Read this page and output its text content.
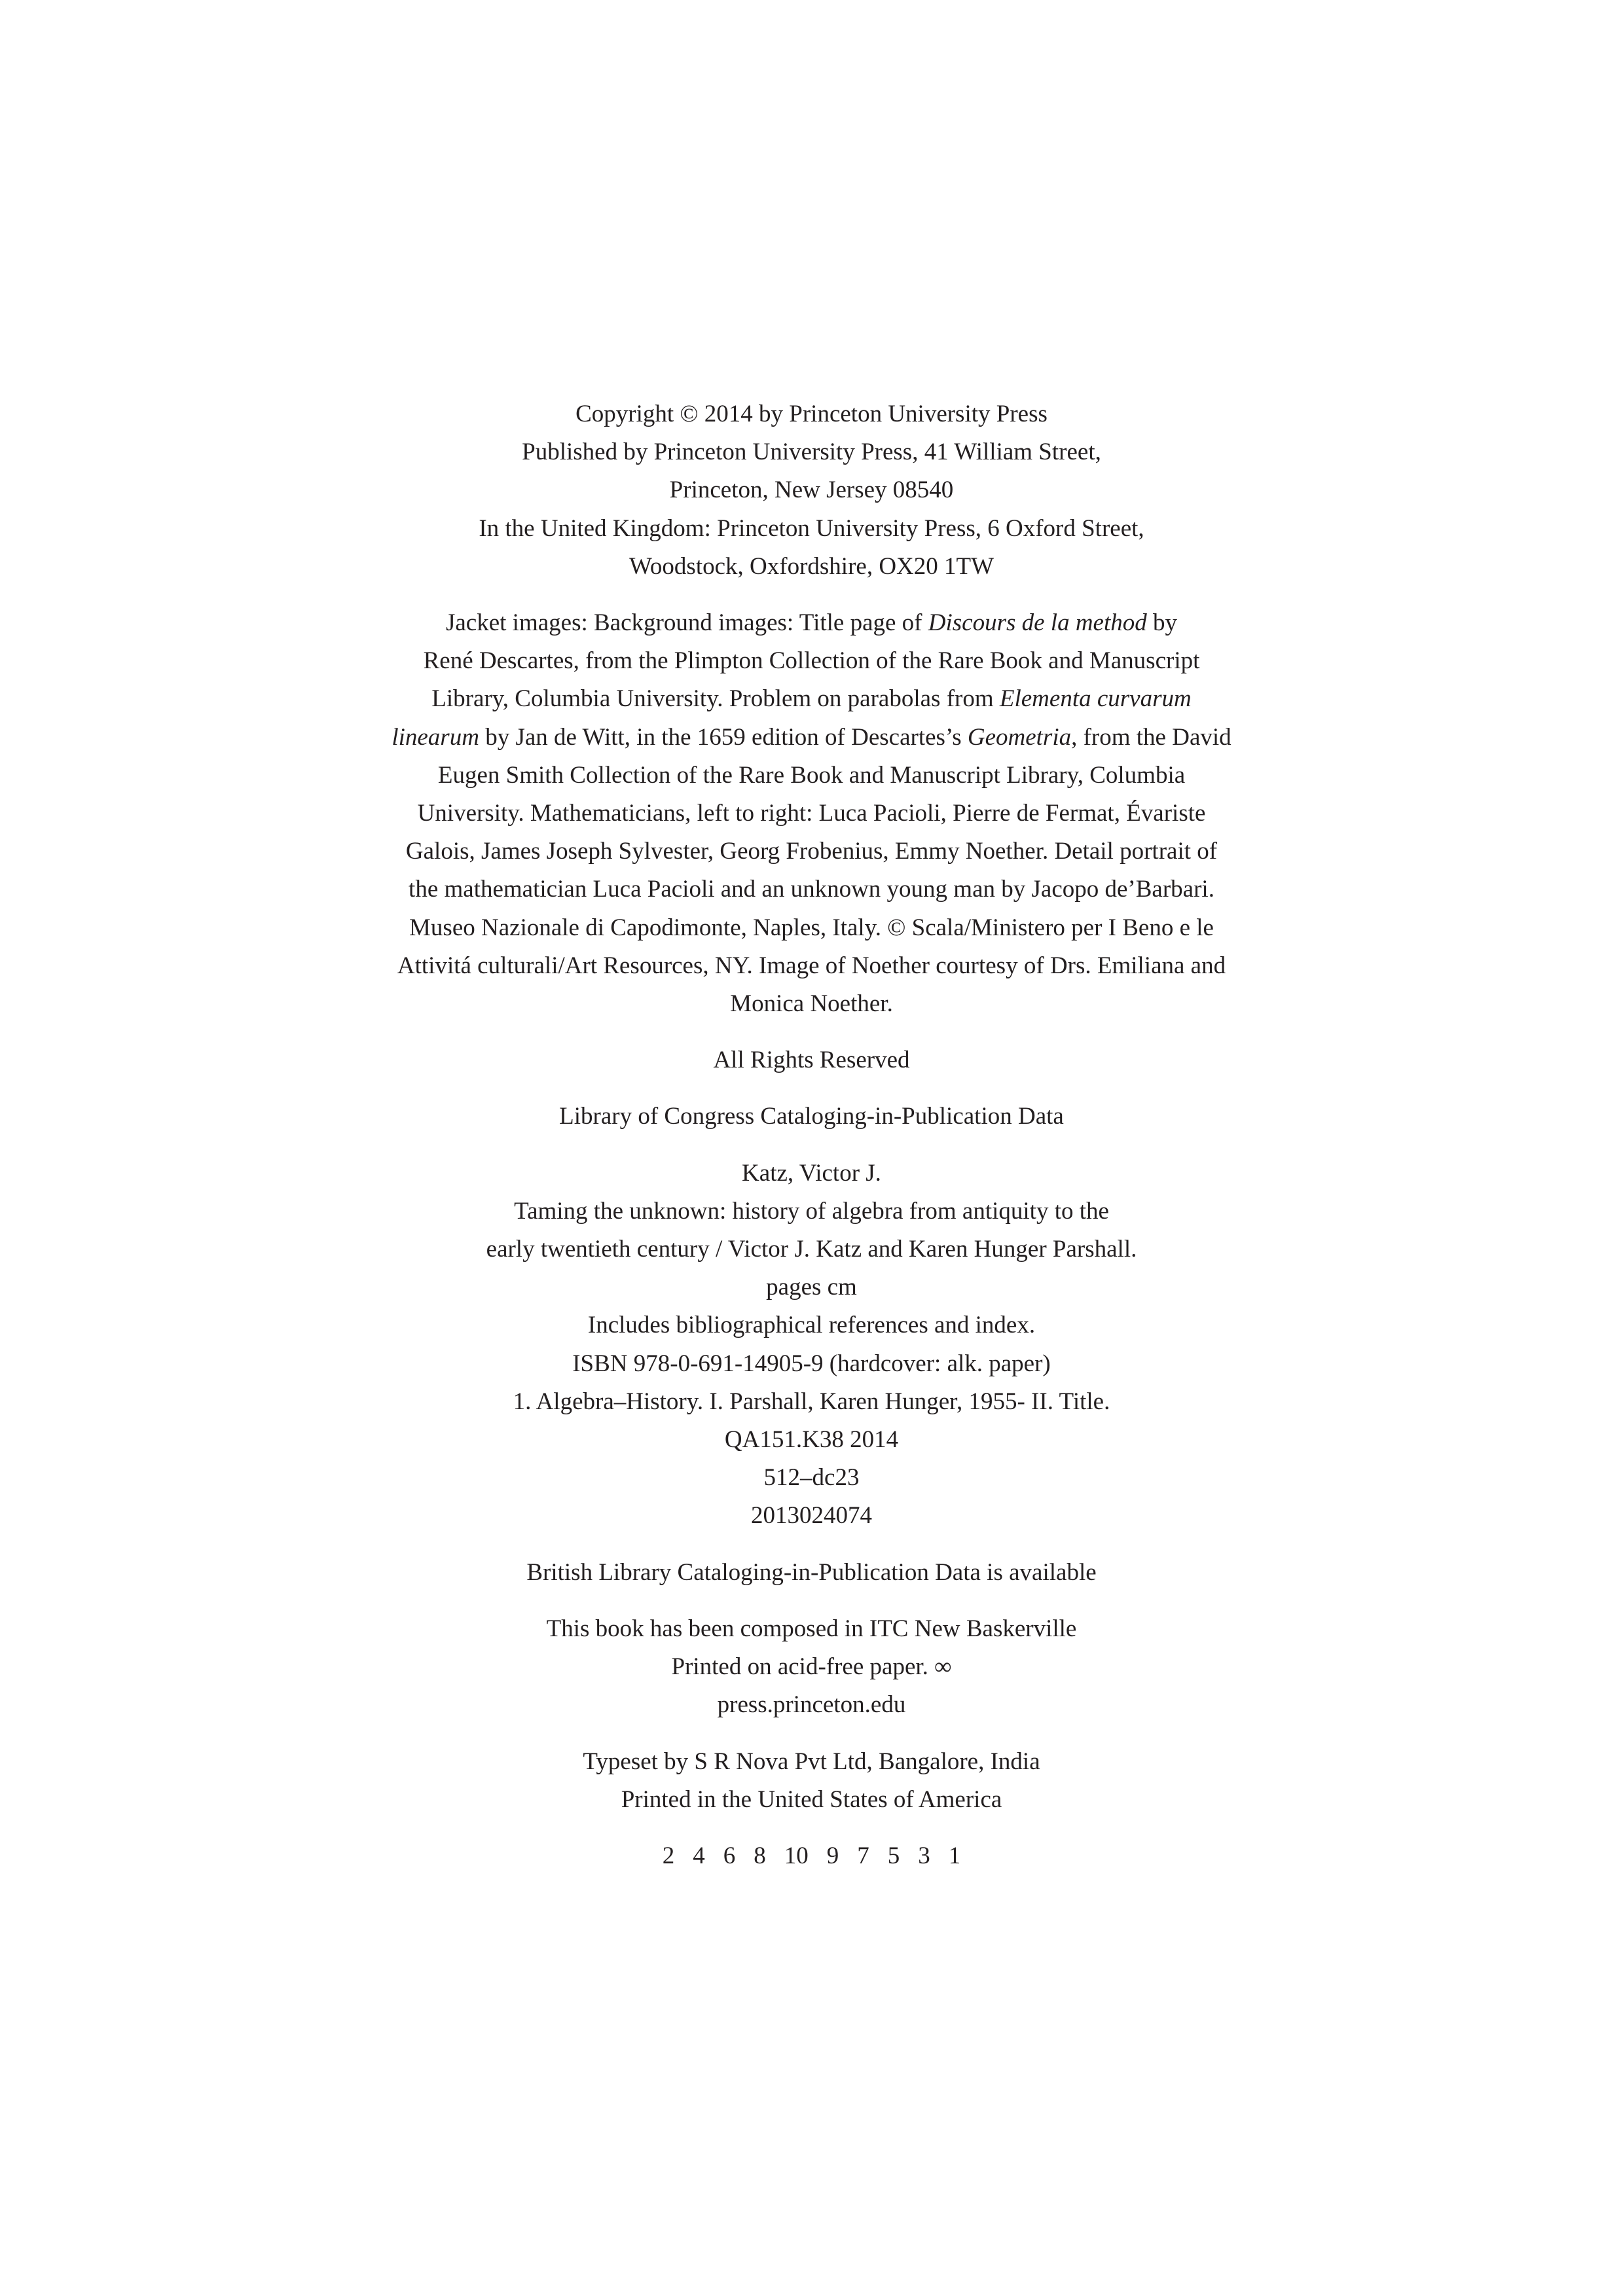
Copyright © 2014 by Princeton University Press
Published by Princeton University Press, 41 William Street,
Princeton, New Jersey 08540
In the United Kingdom: Princeton University Press, 6 Oxford Street,
Woodstock, Oxfordshire, OX20 1TW
Jacket images: Background images: Title page of Discours de la method by
René Descartes, from the Plimpton Collection of the Rare Book and Manuscript
Library, Columbia University. Problem on parabolas from Elementa curvarum
linearum by Jan de Witt, in the 1659 edition of Descartes’s Geometria, from the David
Eugen Smith Collection of the Rare Book and Manuscript Library, Columbia
University. Mathematicians, left to right: Luca Pacioli, Pierre de Fermat, Évariste
Galois, James Joseph Sylvester, Georg Frobenius, Emmy Noether. Detail portrait of
the mathematician Luca Pacioli and an unknown young man by Jacopo de’Barbari.
Museo Nazionale di Capodimonte, Naples, Italy. © Scala/Ministero per I Beno e le
Attivitá culturali/Art Resources, NY. Image of Noether courtesy of Drs. Emiliana and
Monica Noether.
All Rights Reserved
Library of Congress Cataloging-in-Publication Data
Katz, Victor J.
Taming the unknown: history of algebra from antiquity to the
early twentieth century / Victor J. Katz and Karen Hunger Parshall.
pages cm
Includes bibliographical references and index.
ISBN 978-0-691-14905-9 (hardcover: alk. paper)
1. Algebra–History. I. Parshall, Karen Hunger, 1955- II. Title.
QA151.K38 2014
512–dc23
2013024074
British Library Cataloging-in-Publication Data is available
This book has been composed in ITC New Baskerville
Printed on acid-free paper. ∞
press.princeton.edu
Typeset by S R Nova Pvt Ltd, Bangalore, India
Printed in the United States of America
2 4 6 8 10 9 7 5 3 1
